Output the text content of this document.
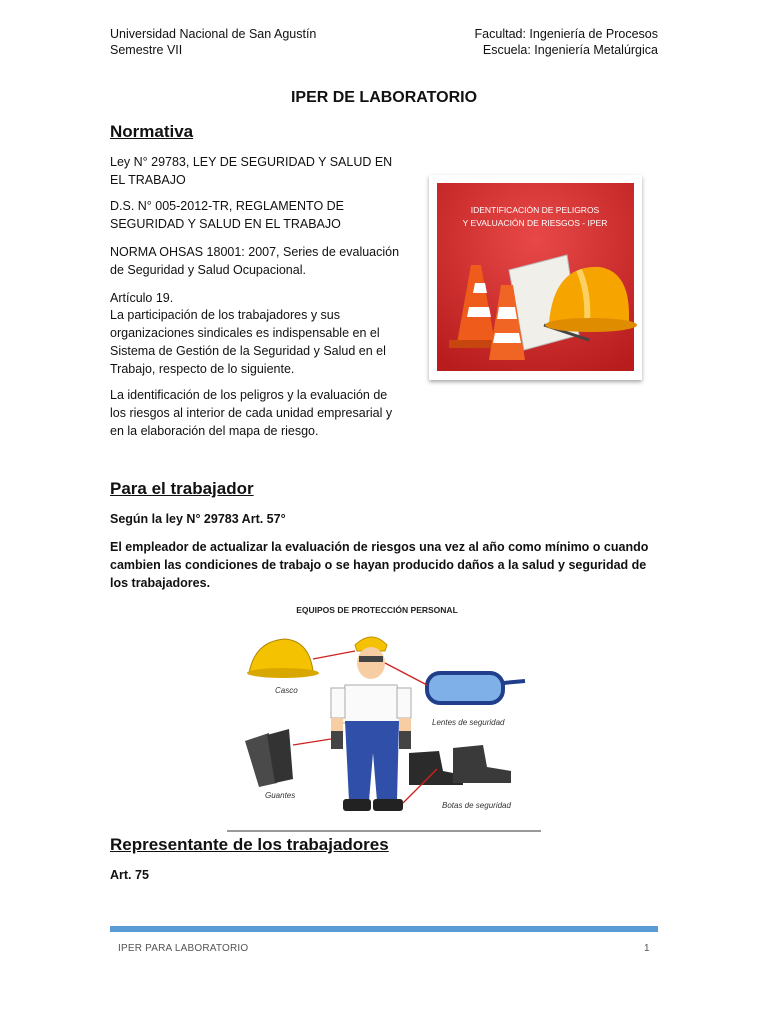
Universidad Nacional de San Agustín
Semestre VII
Facultad: Ingeniería de Procesos
Escuela: Ingeniería Metalúrgica
IPER DE LABORATORIO
Normativa
Ley N° 29783, LEY DE SEGURIDAD Y SALUD EN EL TRABAJO
D.S. N° 005-2012-TR, REGLAMENTO DE SEGURIDAD Y SALUD EN EL TRABAJO
NORMA OHSAS 18001: 2007, Series de evaluación de Seguridad y Salud Ocupacional.
Artículo 19.
La participación de los trabajadores y sus organizaciones sindicales es indispensable en el Sistema de Gestión de la Seguridad y Salud en el Trabajo, respecto de lo siguiente.
La identificación de los peligros y la evaluación de los riesgos al interior de cada unidad empresarial y en la elaboración del mapa de riesgo.
IDENTIFICACIÓN DE PELIGROS
Y EVALUACIÓN DE RIESGOS - IPER
Para el trabajador
Según la ley N° 29783 Art. 57°
El empleador de actualizar la evaluación de riesgos una vez al año como mínimo o cuando cambien las condiciones de trabajo o se hayan producido daños a la salud y seguridad de los trabajadores.
EQUIPOS DE PROTECCIÓN PERSONAL
Casco
Lentes de seguridad
Guantes
Botas de seguridad
Representante de los trabajadores
Art. 75
IPER PARA LABORATORIO	1
